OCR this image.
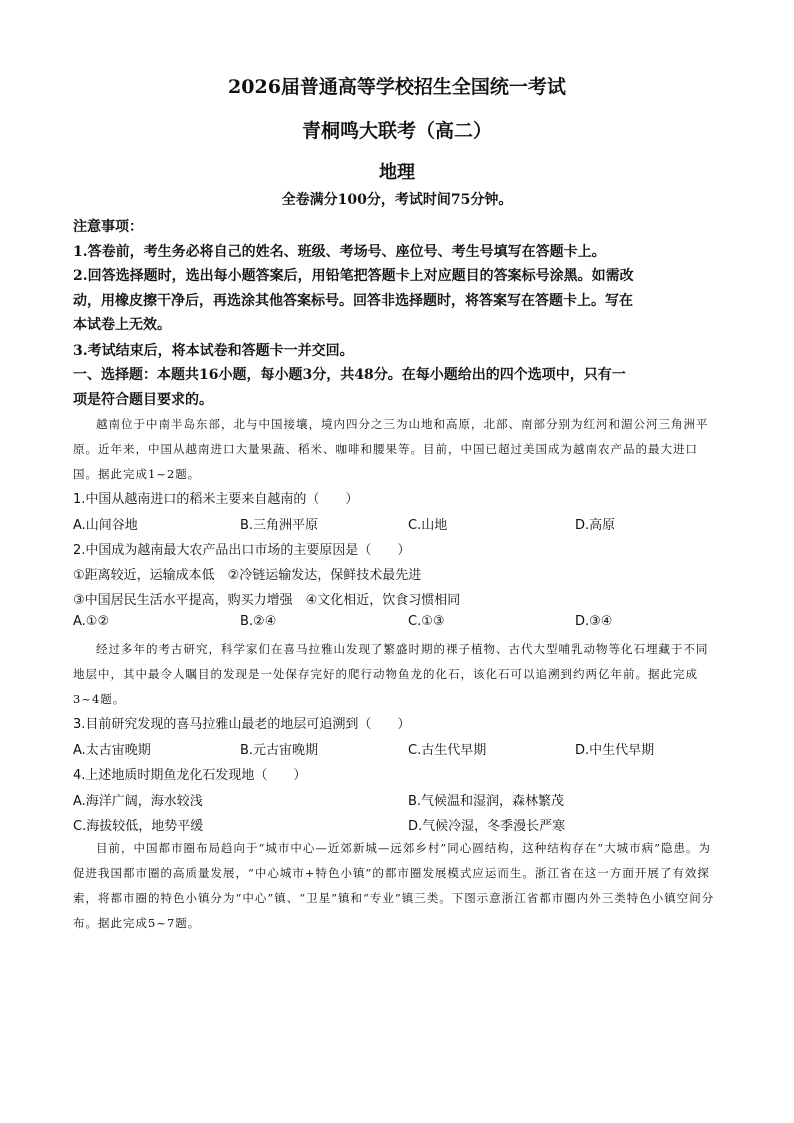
2026届普通高等学校招生全国统一考试
青桐鸣大联考（高二）
地理
全卷满分100分，考试时间75分钟。
注意事项：
1.答卷前，考生务必将自己的姓名、班级、考场号、座位号、考生号填写在答题卡上。
2.回答选择题时，选出每小题答案后，用铅笔把答题卡上对应题目的答案标号涂黑。如需改
动，用橡皮擦干净后，再选涂其他答案标号。回答非选择题时，将答案写在答题卡上。写在
本试卷上无效。
3.考试结束后，将本试卷和答题卡一并交回。
一、选择题：本题共16小题，每小题3分，共48分。在每小题给出的四个选项中，只有一
项是符合题目要求的。
越南位于中南半岛东部，北与中国接壤，境内四分之三为山地和高原，北部、南部分别为红河和湄公河三角洲平原。近年来，中国从越南进口大量果蔬、稻米、咖啡和腰果等。目前，中国已超过美国成为越南农产品的最大进口国。据此完成1~2题。
1.中国从越南进口的稻米主要来自越南的（　　）
A.山间谷地	B.三角洲平原	C.山地	D.高原
2.中国成为越南最大农产品出口市场的主要原因是（　　）
①距离较近，运输成本低　②冷链运输发达，保鲜技术最先进
③中国居民生活水平提高，购买力增强　④文化相近，饮食习惯相同
A.①②	B.②④	C.①③	D.③④
经过多年的考古研究，科学家们在喜马拉雅山发现了繁盛时期的裸子植物、古代大型哺乳动物等化石埋藏于不同地层中，其中最令人瞩目的发现是一处保存完好的爬行动物鱼龙的化石，该化石可以追溯到约两亿年前。据此完成3~4题。
3.目前研究发现的喜马拉雅山最老的地层可追溯到（　　）
A.太古宙晚期	B.元古宙晚期	C.古生代早期	D.中生代早期
4.上述地质时期鱼龙化石发现地（　　）
A.海洋广阔，海水较浅	B.气候温和湿润，森林繁茂
C.海拔较低，地势平缓	D.气候冷湿，冬季漫长严寒
目前，中国都市圈布局趋向于“城市中心—近郊新城—远郊乡村”同心圆结构，这种结构存在“大城市病”隐患。为促进我国都市圈的高质量发展，“中心城市+特色小镇”的都市圈发展模式应运而生。浙江省在这一方面开展了有效探索，将都市圈的特色小镇分为“中心”镇、“卫星”镇和“专业”镇三类。下图示意浙江省都市圈内外三类特色小镇空间分布。据此完成5~7题。
